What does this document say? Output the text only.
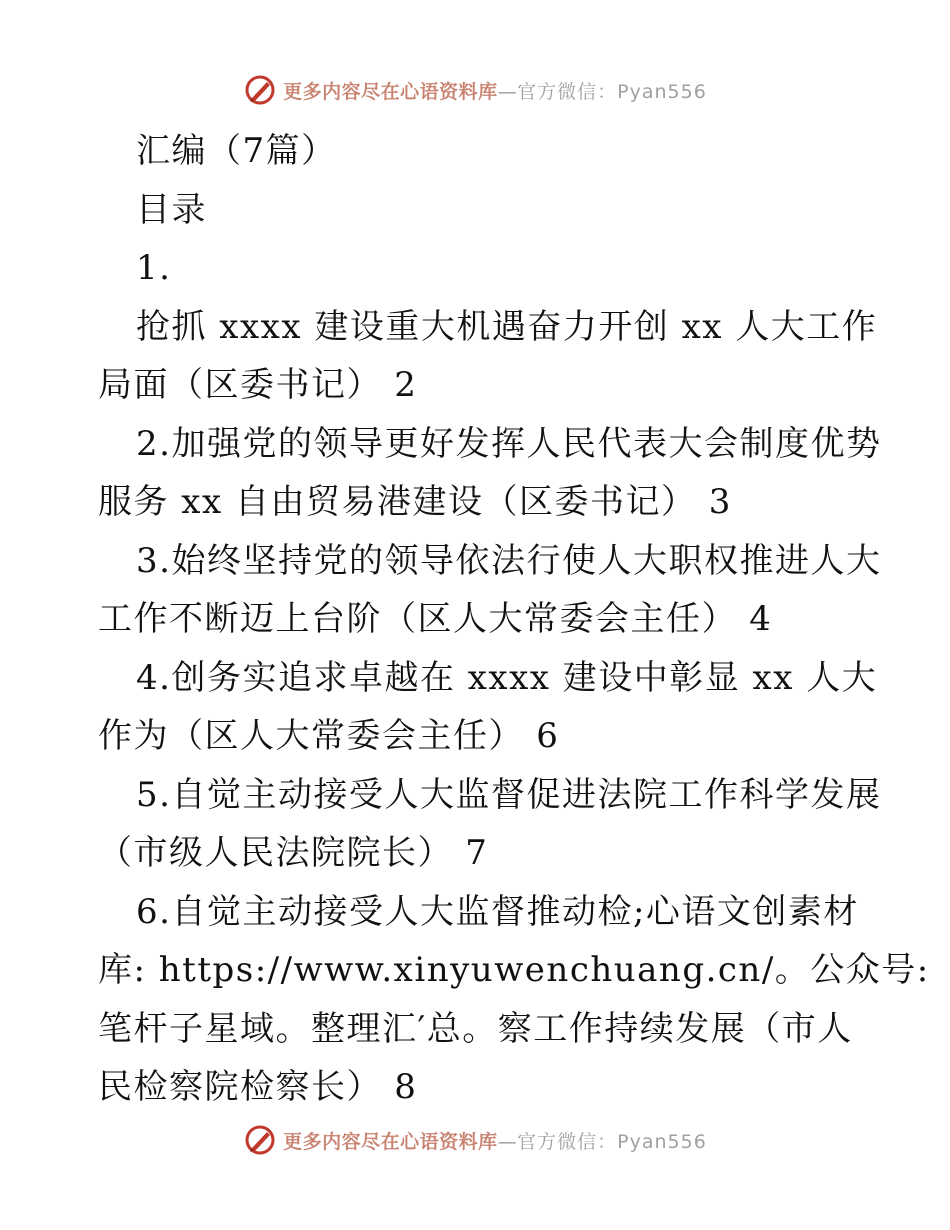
更多内容尽在心语资料库—官方微信：Pyan556
汇编（7篇）
目录
1.
抢抓 xxxx 建设重大机遇奋力开创 xx 人大工作
局面（区委书记） 2
2.加强党的领导更好发挥人民代表大会制度优势
服务 xx 自由贸易港建设（区委书记） 3
3.始终坚持党的领导依法行使人大职权推进人大
工作不断迈上台阶（区人大常委会主任） 4
4.创务实追求卓越在 xxxx 建设中彰显 xx 人大
作为（区人大常委会主任） 6
5.自觉主动接受人大监督促进法院工作科学发展
（市级人民法院院长） 7
6.自觉主动接受人大监督推动检;心语文创素材
库: https://www.xinyuwenchuang.cn/。公众号:
笔杆子星域。整理汇′总。察工作持续发展（市人
民检察院检察长） 8
更多内容尽在心语资料库—官方微信：Pyan556
